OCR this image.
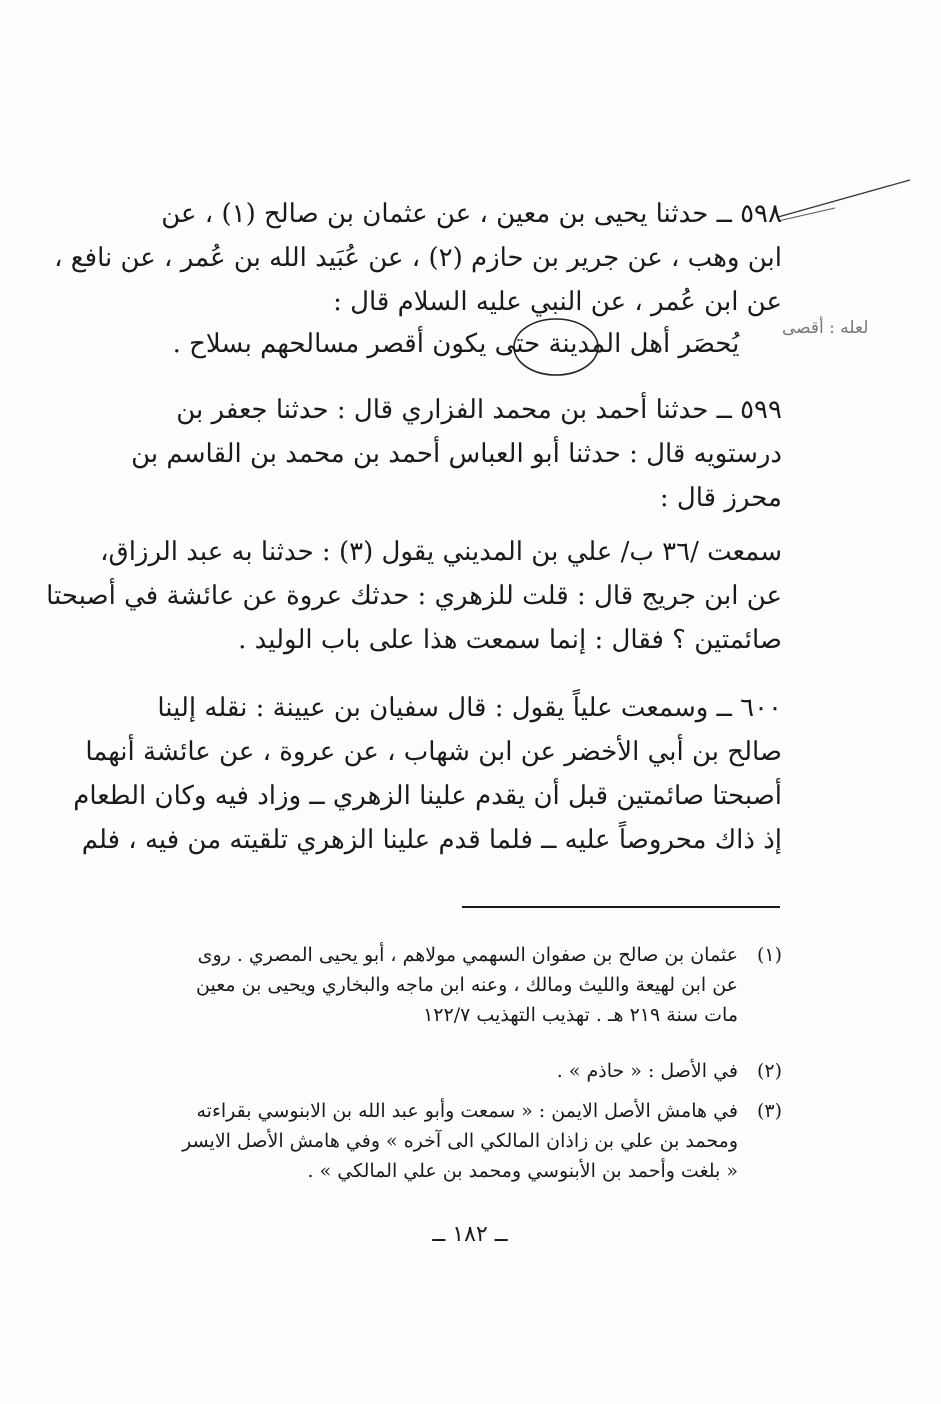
لعله : أقصى
٥٩٨ ــ حدثنا يحيى بن معين ، عن عثمان بن صالح (١) ، عن
ابن وهب ، عن جرير بن حازم (٢) ، عن عُبَيد الله بن عُمر ، عن نافع ،
عن ابن عُمر ، عن النبي عليه السلام قال :
يُحصَر أهل المدينة حتى يكون أقصر مسالحهم بسلاح .
٥٩٩ ــ حدثنا أحمد بن محمد الفزاري قال : حدثنا جعفر بن
درستويه قال : حدثنا أبو العباس أحمد بن محمد بن القاسم بن
محرز قال :
سمعت /٣٦ ب/ علي بن المديني يقول (٣) : حدثنا به عبد الرزاق،
عن ابن جريج قال : قلت للزهري : حدثك عروة عن عائشة في أصبحتا
صائمتين ؟ فقال : إنما سمعت هذا على باب الوليد .
٦٠٠ ــ وسمعت علياً يقول : قال سفيان بن عيينة : نقله إلينا
صالح بن أبي الأخضر عن ابن شهاب ، عن عروة ، عن عائشة أنهما
أصبحتا صائمتين قبل أن يقدم علينا الزهري ــ وزاد فيه وكان الطعام
إذ ذاك محروصاً عليه ــ فلما قدم علينا الزهري تلقيته من فيه ، فلم
(١)عثمان بن صالح بن صفوان السهمي مولاهم ، أبو يحيى المصري . روى
عن ابن لهيعة والليث ومالك ، وعنه ابن ماجه والبخاري ويحيى بن معين
مات سنة ٢١٩ هـ . تهذيب التهذيب ١٢٢/٧
(٢)في الأصل : « حاذم » .
(٣)في هامش الأصل الايمن : « سمعت وأبو عبد الله بن الابنوسي بقراءته
ومحمد بن علي بن زاذان المالكي الى آخره » وفي هامش الأصل الايسر
« بلغت وأحمد بن الأبنوسي ومحمد بن علي المالكي » .
ــ ١٨٢ ــ
